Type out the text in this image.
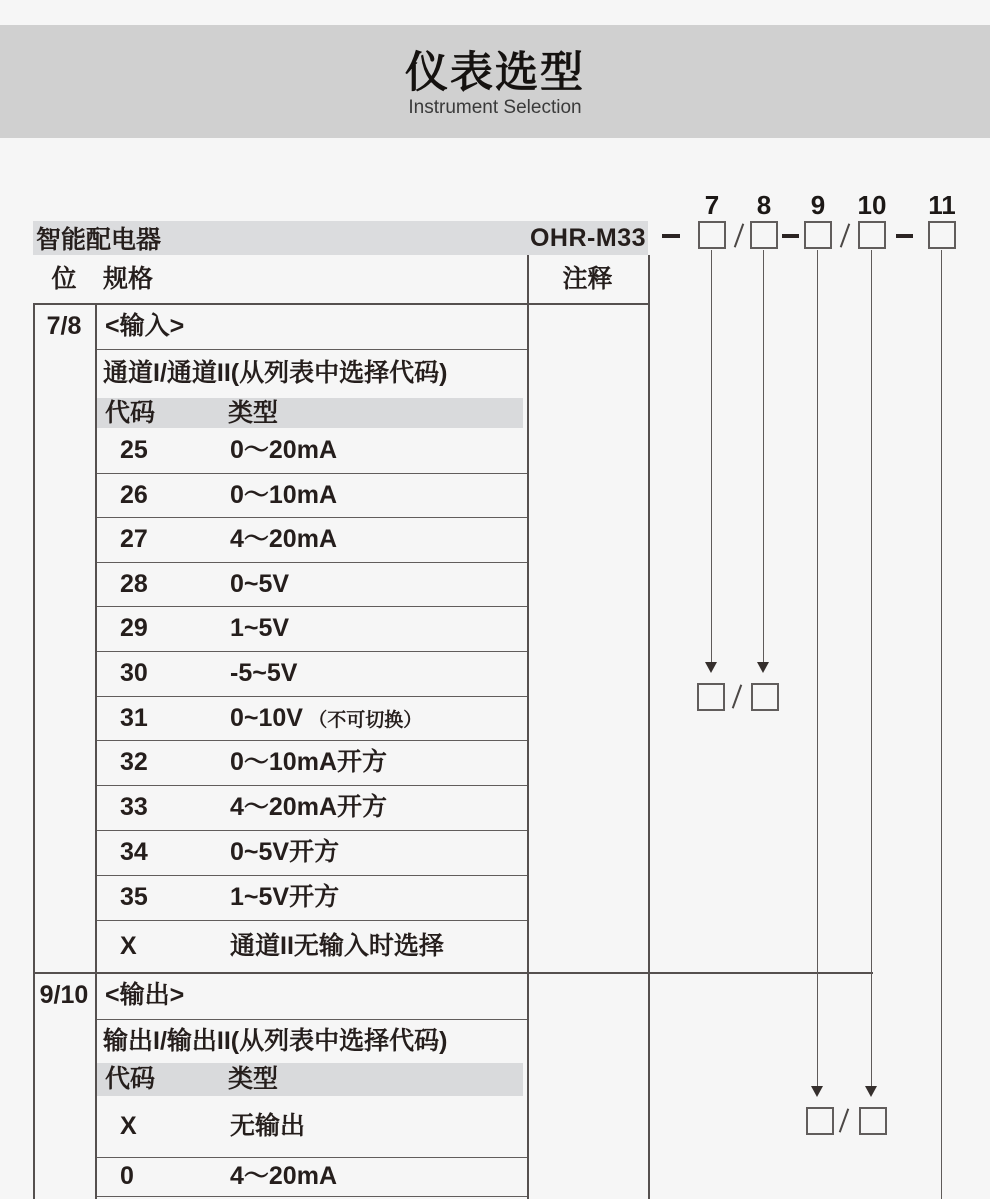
仪表选型
Instrument Selection
智能配电器	OHR-M33
位	规格	注释
7/8 <输入>
通道I/通道II(从列表中选择代码)
代码	类型
25	0～20mA
26	0～10mA
27	4～20mA
28	0~5V
29	1~5V
30	-5~5V
31	0~10V （不可切换）
32	0～10mA开方
33	4～20mA开方
34	0~5V开方
35	1~5V开方
X	通道II无输入时选择
9/10 <输出>
输出I/输出II(从列表中选择代码)
代码	类型
X	无输出
0	4～20mA
7	8	9	10	11
